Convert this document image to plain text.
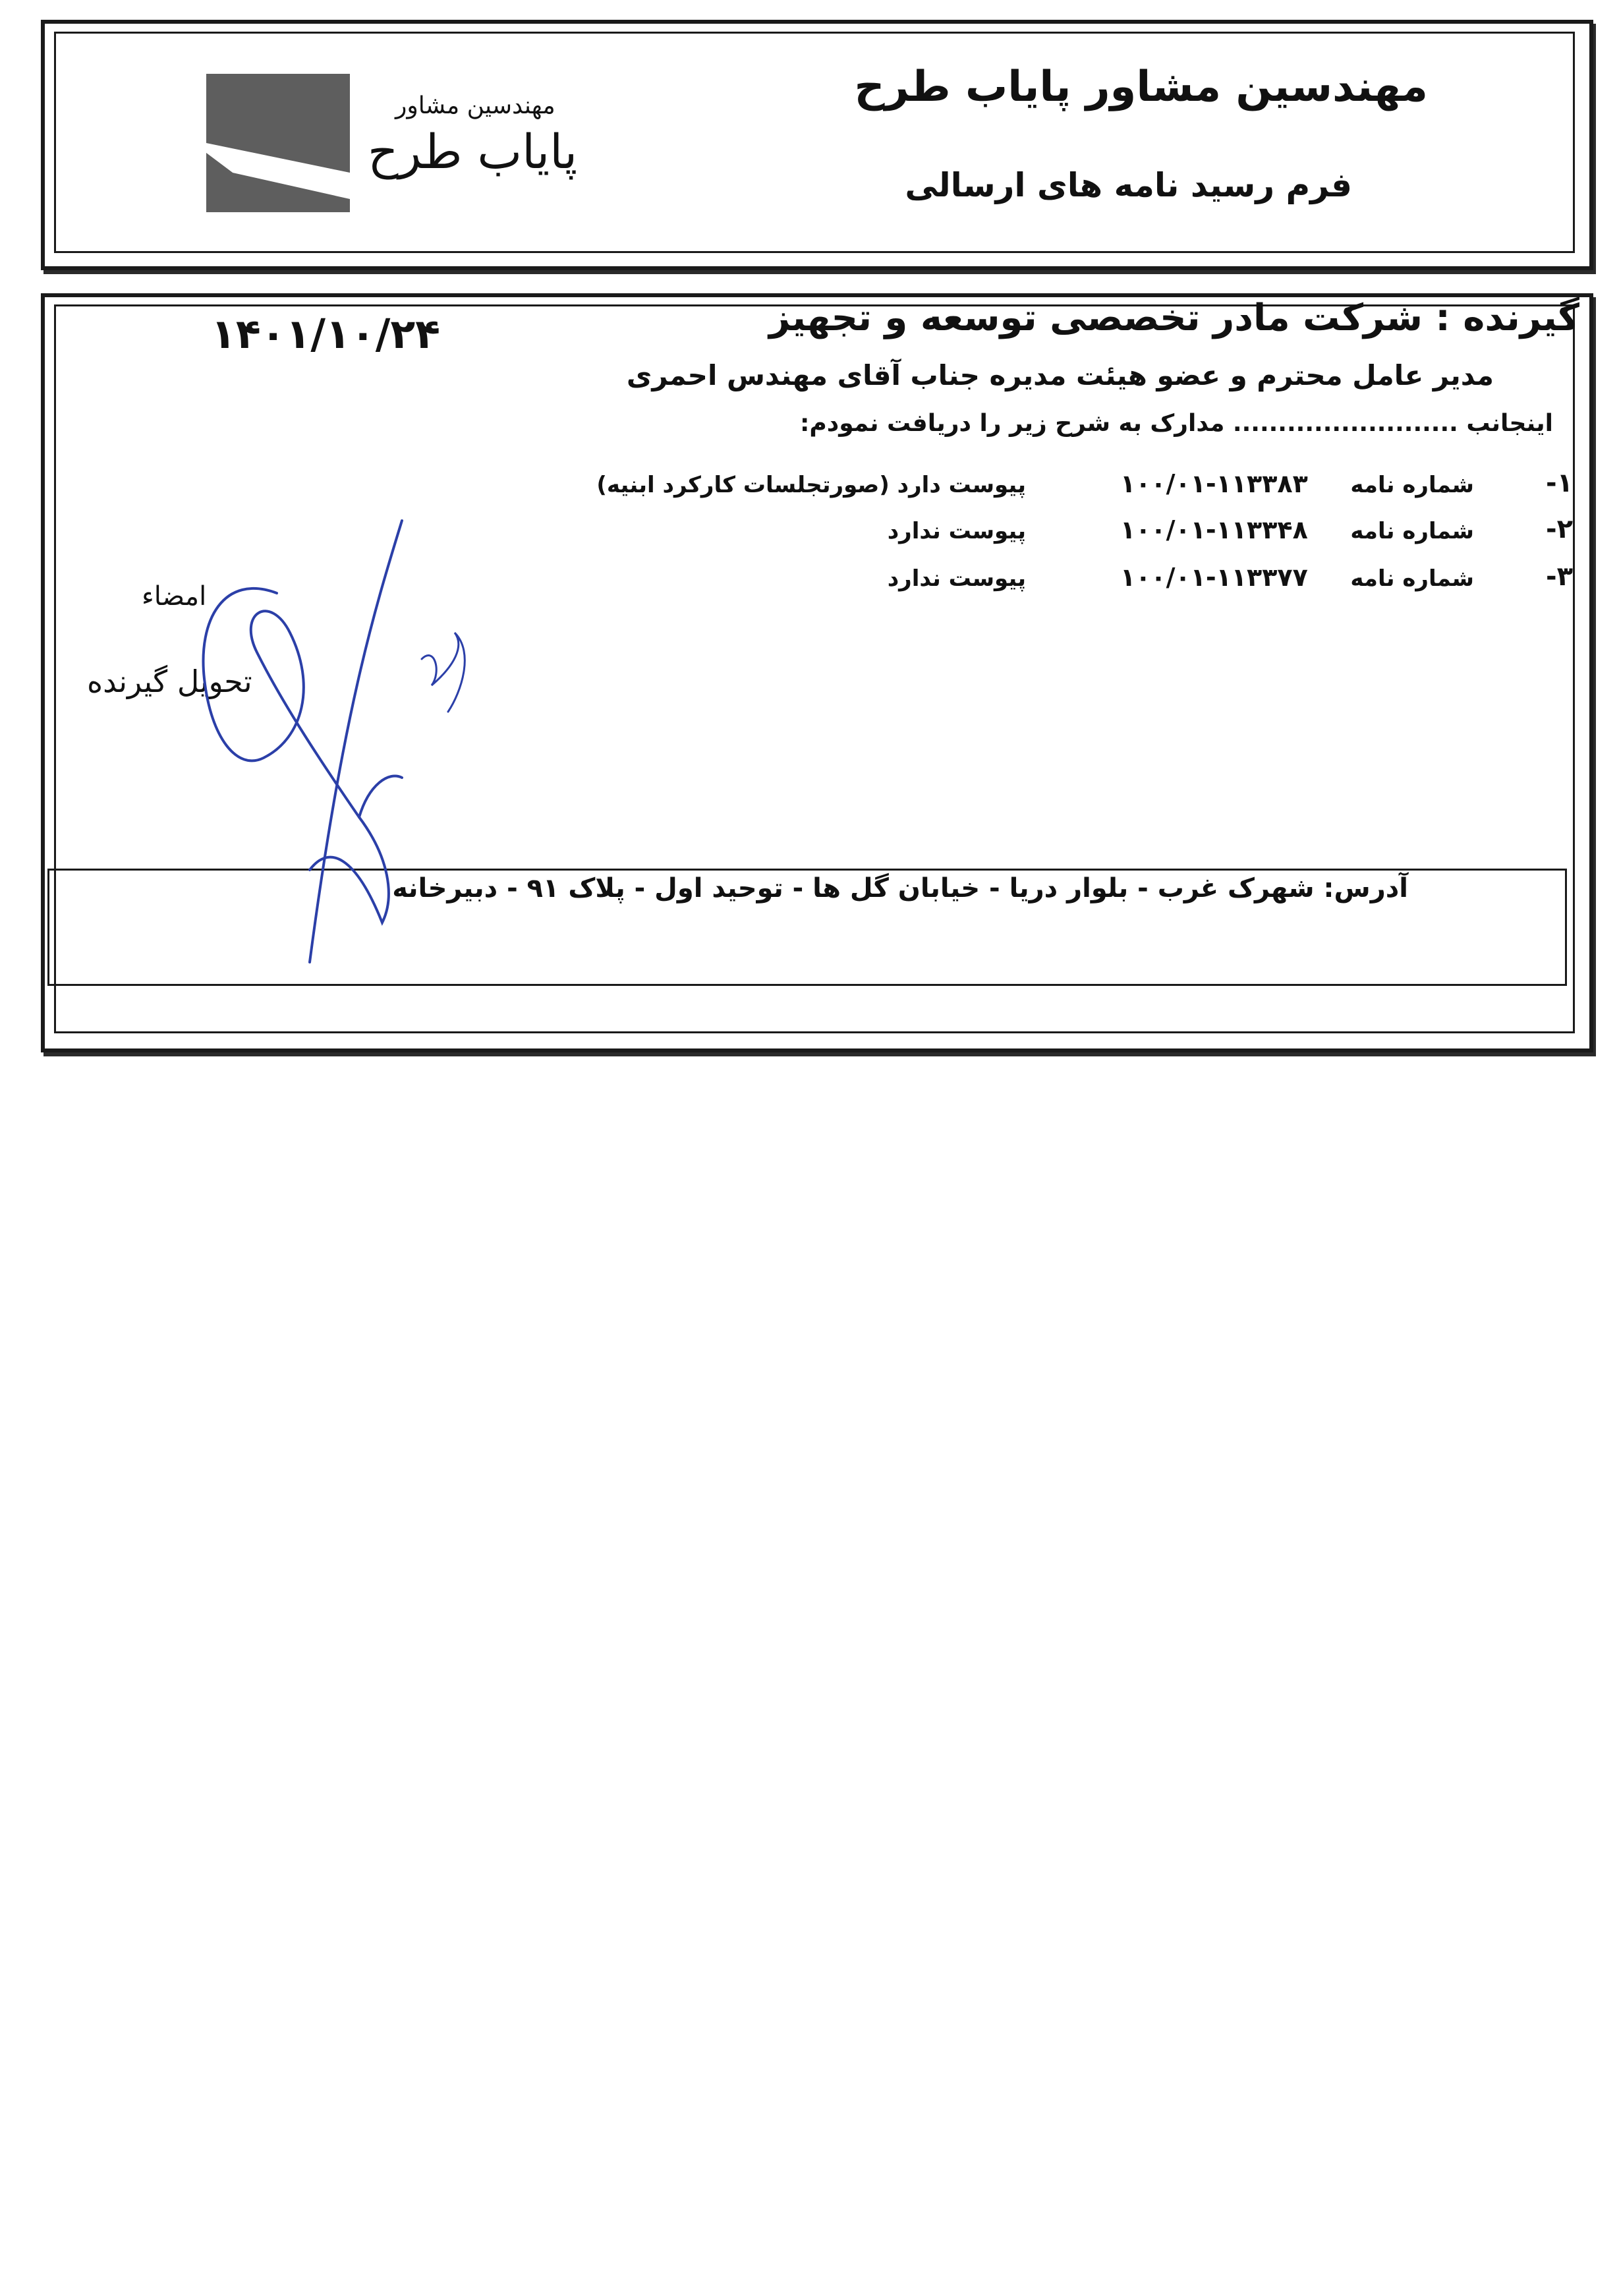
مهندسین مشاور پایاب طرح
فرم رسید نامه های ارسالی
مهندسین مشاور
پایاب طرح
گیرنده : شرکت مادر تخصصی توسعه و تجهیز
مدیر عامل محترم و عضو هیئت مدیره جناب آقای مهندس احمری
اینجانب ......................... مدارک به شرح زیر را دریافت نمودم:
۱۴۰۱/۱۰/۲۴
۱-
شماره نامه
۱۰۰/۰۱-۱۱۳۳۸۳
پیوست دارد (صورتجلسات کارکرد ابنیه)
۲-
شماره نامه
۱۰۰/۰۱-۱۱۳۳۴۸
پیوست ندارد
۳-
شماره نامه
۱۰۰/۰۱-۱۱۳۳۷۷
پیوست ندارد
امضاء
تحویل گیرنده
آدرس: شهرک غرب - بلوار دریا - خیابان گل ها - توحید اول - پلاک ۹۱ - دبیرخانه
